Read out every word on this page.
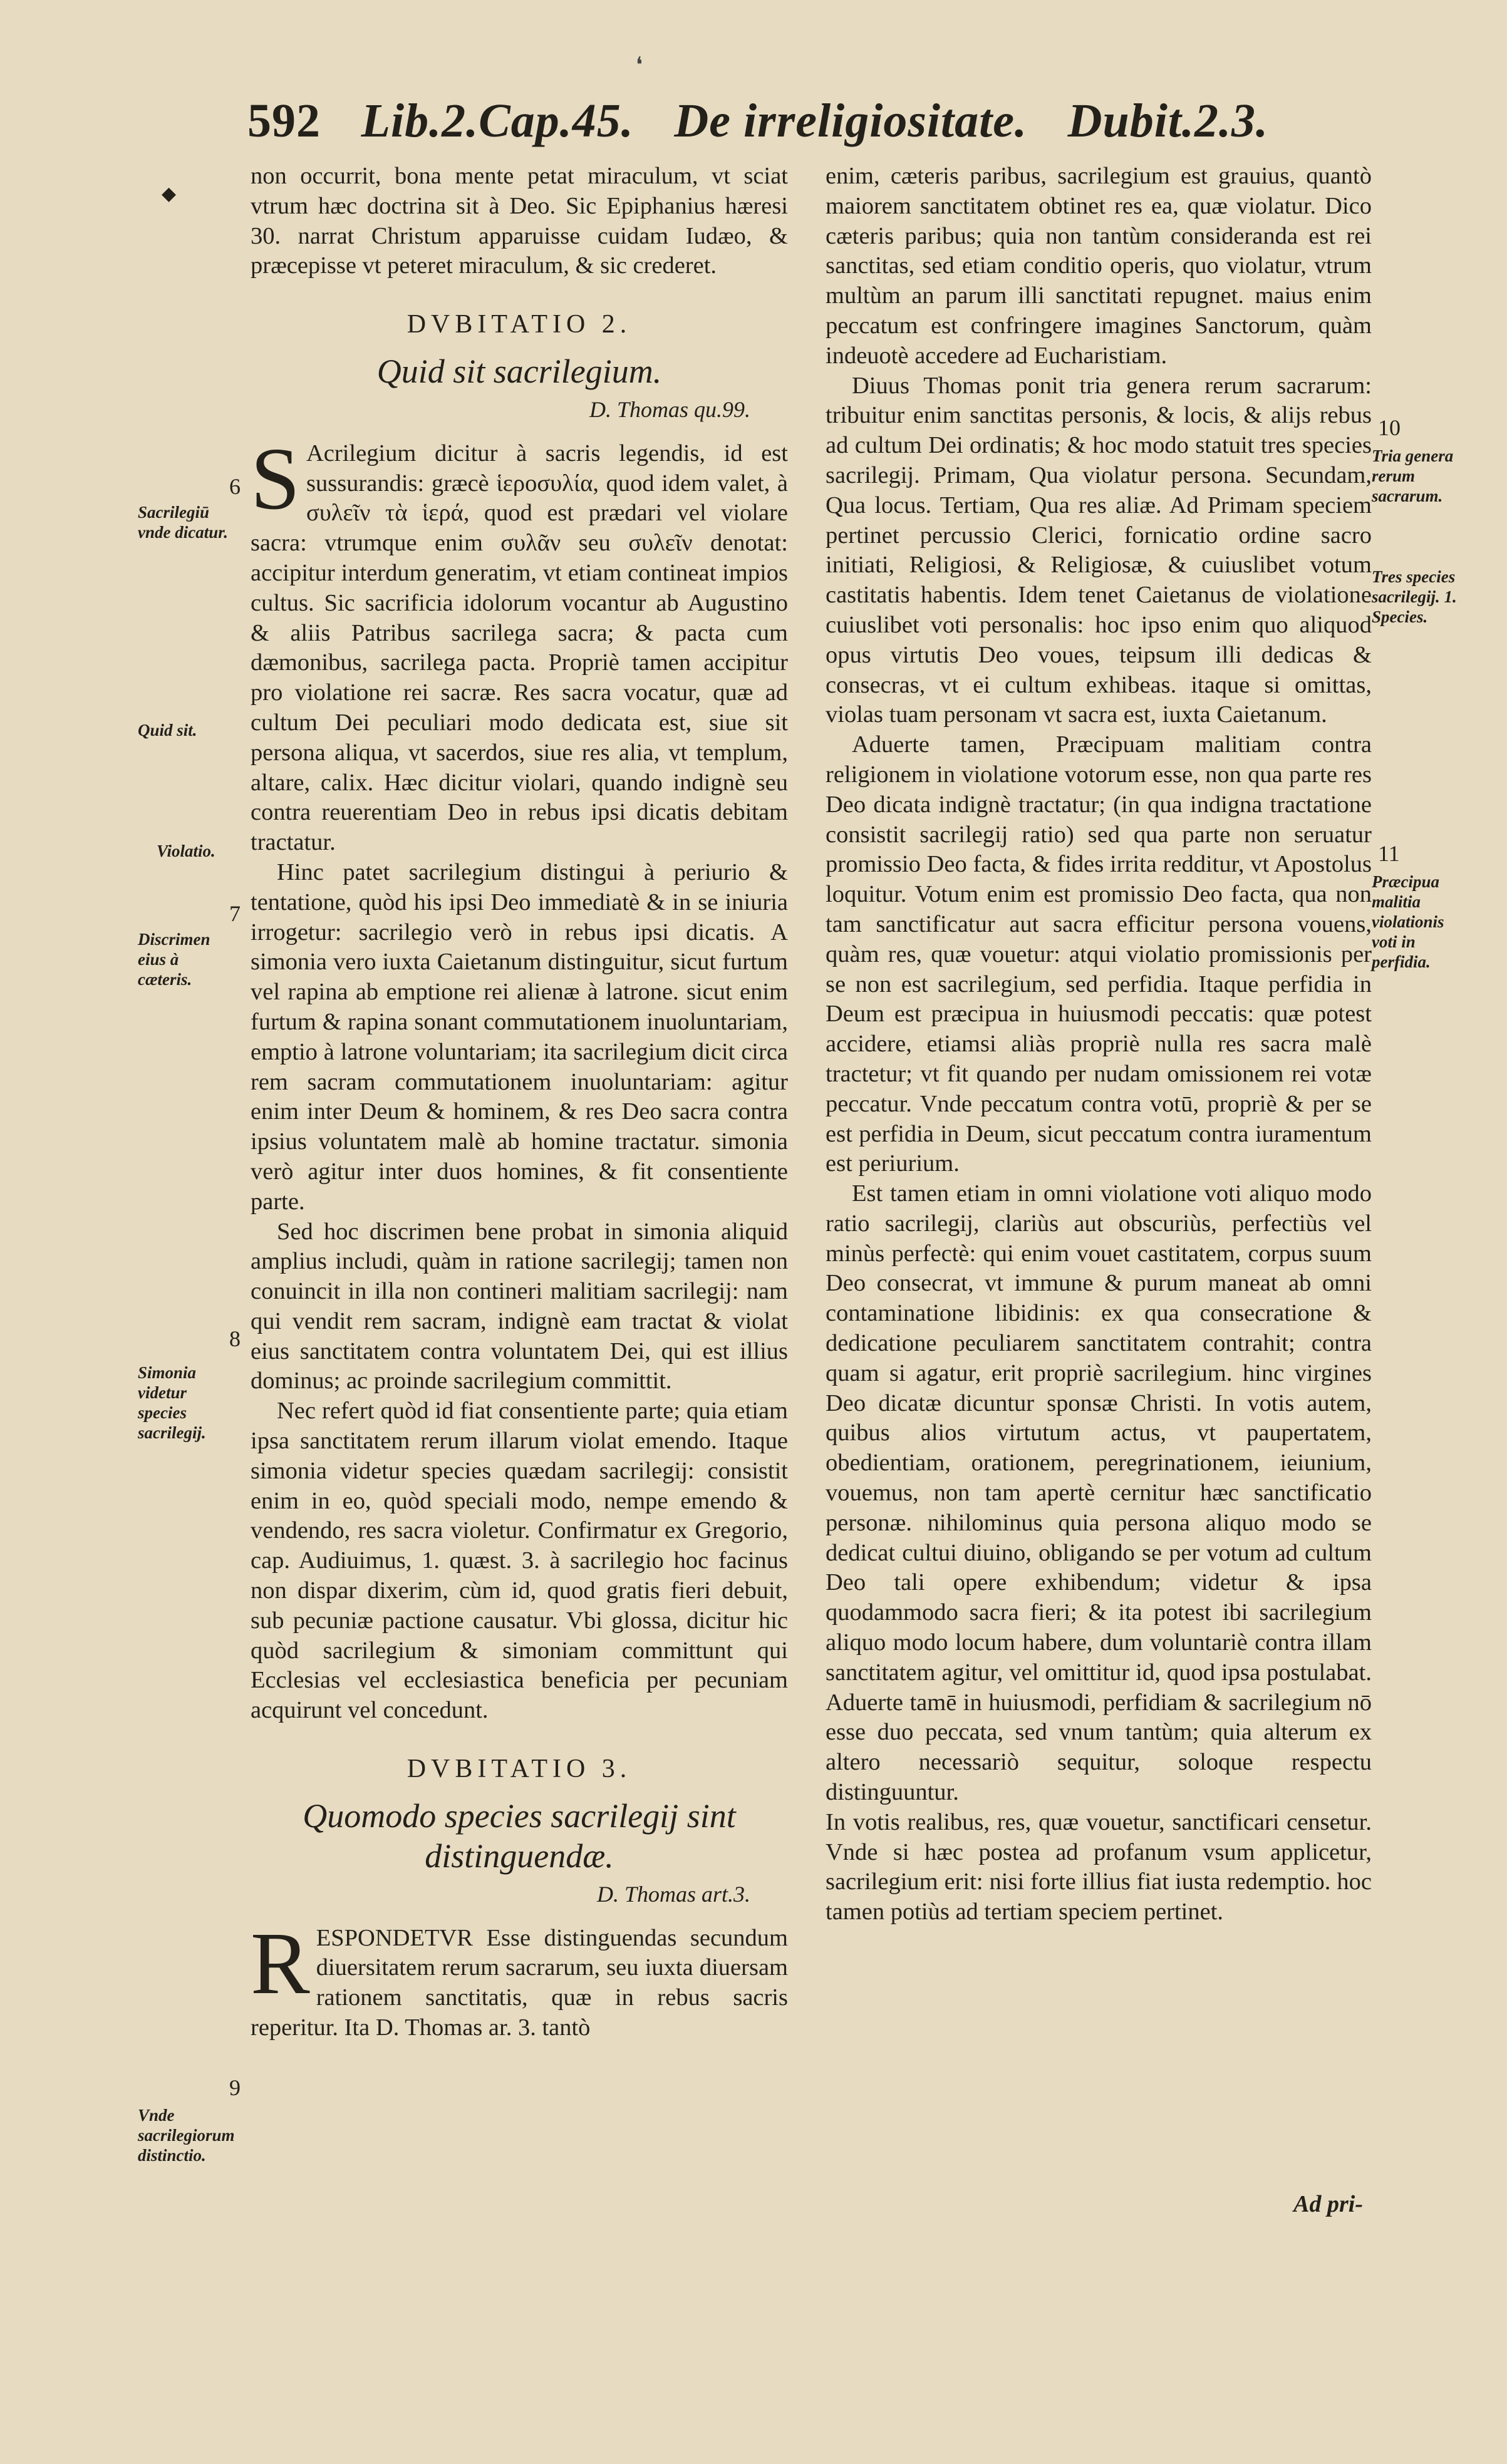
❛
592 Lib.2.Cap.45. De irreligiositate. Dubit.2.3.
◆
6
Sacrilegiū vnde dicatur.
Quid sit.
Violatio.
7
Discrimen eius à cæteris.
8
Simonia videtur species sacrilegij.
9
Vnde sacrilegiorum distinctio.
10
Tria genera rerum sacrarum.
Tres species sacrilegij. 1. Species.
11
Præcipua malitia violationis voti in perfidia.

non occurrit, bona mente petat miraculum, vt sciat vtrum hæc doctrina sit à Deo. Sic Epiphanius hæresi 30. narrat Christum apparuisse cuidam Iudæo, & præcepisse vt peteret miraculum, & sic crederet.

DVBITATIO 2.
Quid sit sacrilegium.
D. Thomas qu.99.

S Acrilegium dicitur à sacris legendis, id est sussurandis: græcè ἱεροσυλία, quod idem valet, à συλεῖν τὰ ἱερά, quod est prædari vel violare sacra: vtrumque enim συλᾶν seu συλεῖν denotat: accipitur interdum generatim, vt etiam contineat impios cultus. Sic sacrificia idolorum vocantur ab Augustino & aliis Patribus sacrilega sacra; & pacta cum dæmonibus, sacrilega pacta. Propriè tamen accipitur pro violatione rei sacræ. Res sacra vocatur, quæ ad cultum Dei peculiari modo dedicata est, siue sit persona aliqua, vt sacerdos, siue res alia, vt templum, altare, calix. Hæc dicitur violari, quando indignè seu contra reuerentiam Deo in rebus ipsi dicatis debitam tractatur.

Hinc patet sacrilegium distingui à periurio & tentatione, quòd his ipsi Deo immediatè & in se iniuria irrogetur: sacrilegio verò in rebus ipsi dicatis. A simonia vero iuxta Caietanum distinguitur, sicut furtum vel rapina ab emptione rei alienæ à latrone. sicut enim furtum & rapina sonant commutationem inuoluntariam, emptio à latrone voluntariam; ita sacrilegium dicit circa rem sacram commutationem inuoluntariam: agitur enim inter Deum & hominem, & res Deo sacra contra ipsius voluntatem malè ab homine tractatur. simonia verò agitur inter duos homines, & fit consentiente parte.

Sed hoc discrimen bene probat in simonia aliquid amplius includi, quàm in ratione sacrilegij; tamen non conuincit in illa non contineri malitiam sacrilegij: nam qui vendit rem sacram, indignè eam tractat & violat eius sanctitatem contra voluntatem Dei, qui est illius dominus; ac proinde sacrilegium committit.

Nec refert quòd id fiat consentiente parte; quia etiam ipsa sanctitatem rerum illarum violat emendo. Itaque simonia videtur species quædam sacrilegij: consistit enim in eo, quòd speciali modo, nempe emendo & vendendo, res sacra violetur. Confirmatur ex Gregorio, cap. Audiuimus, 1. quæst. 3. à sacrilegio hoc facinus non dispar dixerim, cùm id, quod gratis fieri debuit, sub pecuniæ pactione causatur. Vbi glossa, dicitur hic quòd sacrilegium & simoniam committunt qui Ecclesias vel ecclesiastica beneficia per pecuniam acquirunt vel concedunt.

DVBITATIO 3.
Quomodo species sacrilegij sint distinguendæ.
D. Thomas art.3.

RESPONDETVR Esse distinguendas secundum diuersitatem rerum sacrarum, seu iuxta diuersam rationem sanctitatis, quæ in rebus sacris reperitur. Ita D. Thomas ar. 3. tantò

enim, cæteris paribus, sacrilegium est grauius, quantò maiorem sanctitatem obtinet res ea, quæ violatur. Dico cæteris paribus; quia non tantùm consideranda est rei sanctitas, sed etiam conditio operis, quo violatur, vtrum multùm an parum illi sanctitati repugnet. maius enim peccatum est confringere imagines Sanctorum, quàm indeuotè accedere ad Eucharistiam.

Diuus Thomas ponit tria genera rerum sacrarum: tribuitur enim sanctitas personis, & locis, & alijs rebus ad cultum Dei ordinatis; & hoc modo statuit tres species sacrilegij. Primam, Qua violatur persona. Secundam, Qua locus. Tertiam, Qua res aliæ. Ad Primam speciem pertinet percussio Clerici, fornicatio ordine sacro initiati, Religiosi, & Religiosæ, & cuiuslibet votum castitatis habentis. Idem tenet Caietanus de violatione cuiuslibet voti personalis: hoc ipso enim quo aliquod opus virtutis Deo voues, teipsum illi dedicas & consecras, vt ei cultum exhibeas. itaque si omittas, violas tuam personam vt sacra est, iuxta Caietanum.

Aduerte tamen, Præcipuam malitiam contra religionem in violatione votorum esse, non qua parte res Deo dicata indignè tractatur; (in qua indigna tractatione consistit sacrilegij ratio) sed qua parte non seruatur promissio Deo facta, & fides irrita redditur, vt Apostolus loquitur. Votum enim est promissio Deo facta, qua non tam sanctificatur aut sacra efficitur persona vouens, quàm res, quæ vouetur: atqui violatio promissionis per se non est sacrilegium, sed perfidia. Itaque perfidia in Deum est præcipua in huiusmodi peccatis: quæ potest accidere, etiamsi aliàs propriè nulla res sacra malè tractetur; vt fit quando per nudam omissionem rei votæ peccatur. Vnde peccatum contra votū, propriè & per se est perfidia in Deum, sicut peccatum contra iuramentum est periurium.

Est tamen etiam in omni violatione voti aliquo modo ratio sacrilegij, clariùs aut obscuriùs, perfectiùs vel minùs perfectè: qui enim vouet castitatem, corpus suum Deo consecrat, vt immune & purum maneat ab omni contaminatione libidinis: ex qua consecratione & dedicatione peculiarem sanctitatem contrahit; contra quam si agatur, erit propriè sacrilegium. hinc virgines Deo dicatæ dicuntur sponsæ Christi. In votis autem, quibus alios virtutum actus, vt paupertatem, obedientiam, orationem, peregrinationem, ieiunium, vouemus, non tam apertè cernitur hæc sanctificatio personæ. nihilominus quia persona aliquo modo se dedicat cultui diuino, obligando se per votum ad cultum Deo tali opere exhibendum; videtur & ipsa quodammodo sacra fieri; & ita potest ibi sacrilegium aliquo modo locum habere, dum voluntariè contra illam sanctitatem agitur, vel omittitur id, quod ipsa postulabat. Aduerte tamē in huiusmodi, perfidiam & sacrilegium nō esse duo peccata, sed vnum tantùm; quia alterum ex altero necessariò sequitur, soloque respectu distinguuntur.

In votis realibus, res, quæ vouetur, sanctificari censetur. Vnde si hæc postea ad profanum vsum applicetur, sacrilegium erit: nisi forte illius fiat iusta redemptio. hoc tamen potiùs ad tertiam speciem pertinet.

Ad pri-
